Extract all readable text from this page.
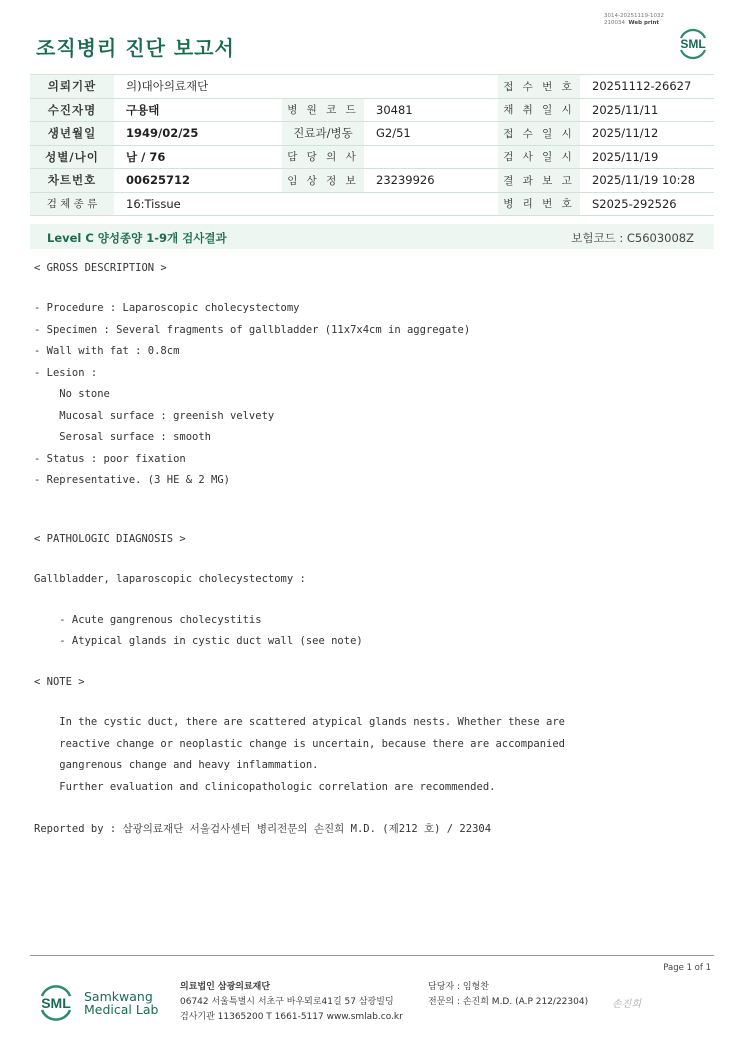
조직병리 진단 보고서
3014-20251119-1032
210034 Web print
SML
의뢰기관	의)대아의료재단			접 수 번 호	20251112-26627
수진자명	구용태	병 원 코 드	30481	채 취 일 시	2025/11/11
생년월일	1949/02/25	진료과/병동	G2/51	접 수 일 시	2025/11/12
성별/나이	남 / 76	담 당 의 사		검 사 일 시	2025/11/19
차트번호	00625712	임 상 정 보	23239926	결 과 보 고	2025/11/19 10:28
검 체 종 류	16:Tissue			병 리 번 호	S2025-292526
Level C 양성종양 1-9개 검사결과	보험코드 : C5603008Z
< GROSS DESCRIPTION >
- Procedure : Laparoscopic cholecystectomy
- Specimen : Several fragments of gallbladder (11x7x4cm in aggregate)
- Wall with fat : 0.8cm
- Lesion :
No stone
Mucosal surface : greenish velvety
Serosal surface : smooth
- Status : poor fixation
- Representative. (3 HE & 2 MG)
< PATHOLOGIC DIAGNOSIS >
Gallbladder, laparoscopic cholecystectomy :
- Acute gangrenous cholecystitis
- Atypical glands in cystic duct wall (see note)
< NOTE >
In the cystic duct, there are scattered atypical glands nests. Whether these are
reactive change or neoplastic change is uncertain, because there are accompanied
gangrenous change and heavy inflammation.
Further evaluation and clinicopathologic correlation are recommended.
Reported by : 삼광의료재단 서울검사센터 병리전문의 손진희 M.D. (제212 호) / 22304
Page 1 of 1
SML Samkwang
Medical Lab
의료법인 삼광의료재단
06742 서울특별시 서초구 바우뫼로41길 57 삼광빌딩
검사기관 11365200 T 1661-5117 www.smlab.co.kr
담당자 : 임형찬
전문의 : 손진희 M.D. (A.P 212/22304) 손진희
